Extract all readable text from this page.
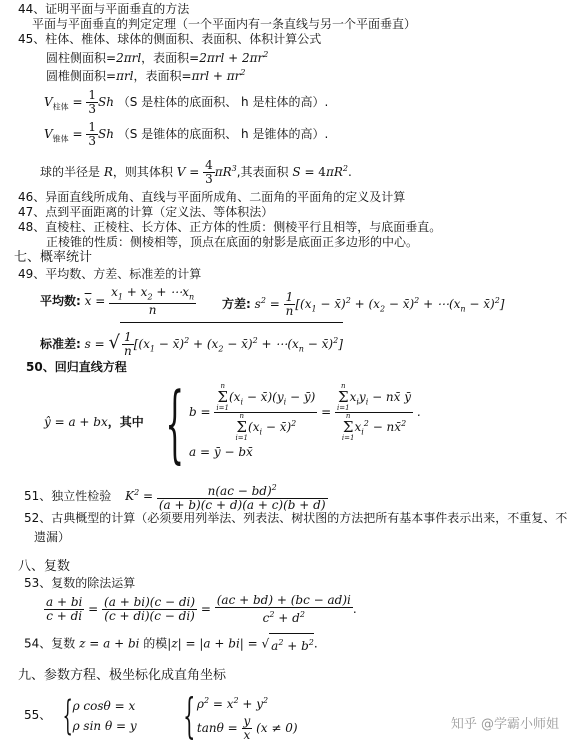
44、证明平面与平面垂直的方法
平面与平面垂直的判定定理（一个平面内有一条直线与另一个平面垂直）
45、柱体、椎体、球体的侧面积、表面积、体积计算公式
圆柱侧面积=2πrl，表面积$=2\pi rl + 2\pi r^2$
圆椎侧面积=πrl，表面积$=\pi rl + \pi r^2$
$V_{柱体} = \frac{1}{3}$ Sh （S 是柱体的底面积、 h 是柱体的高）.
$V_{锥体} = \frac{1}{3}$ Sh （S 是锥体的底面积、 h 是锥体的高）.
球的半径是 R，则其体积 $V = \frac{4}{3} \pi R^3$,其表面积 $S = 4\pi R^2$.
46、异面直线所成角、直线与平面所成角、二面角的平面角的定义及计算
47、点到平面距离的计算（定义法、等体积法）
48、直棱柱、正棱柱、长方体、正方体的性质：侧棱平行且相等，与底面垂直。
正棱锥的性质：侧棱相等，顶点在底面的射影是底面正多边形的中心。
七、概率统计
49、平均数、方差、标准差的计算
平均数: $\overline{x} = \frac{x_1 + x_2 + \cdots x_n}{n}$ 方差: $s^2 = \frac{1}{n} [(x_1$ − x̄)$^2$ + ($x_2$ − x̄)$^2$ + $\cdots(x_n$ − x̄)$^2$]
标准差: s = √ $\frac{1}{n} [(x_1$ − x̄)$^2$ + ($x_2$ − x̄)$^2$ + $\cdots(x_n$ − x̄)$^2$]
50、回归直线方程
ŷ = a + bx，其中 { b =
n
Σ
$i=1(x_i$ − $x̄)(y_i$ − ȳ)
n
Σ
$i=1(x_i$ − x̄)$^2$
=
n
Σ
$i=1x_iy_i$ − nx̄ ȳ
n
Σ
$i=1x_i^2$ − nx̄$^2$
.
a = ȳ − bx̄
51、独立性检验 $K^2 = \frac{n(ac - bd)^2}{(a + b)(c + d)(a + c)(b + d)}$
52、古典概型的计算（必须要用列举法、列表法、树状图的方法把所有基本事件表示出来，不重复、不
遗漏）
八、复数
53、复数的除法运算
$\frac{a + bi}{c + di} = \frac{(a + bi)(c - di)}{(c + di)(c - di)} = \frac{(ac + bd) + (bc - ad)i}{c^2 + d^2}$ .
54、复数 z = a + bi 的模|z| = |a + bi| = √ $a^2 + b^2$.
九、参数方程、极坐标化成直角坐标
55、 { ρ cosθ = x
ρ sin θ = y { $\rho^2 = x^2 + y^2$
$\tan\theta = \frac{y}{x} (x \ne 0)$	知乎 @学霸小师姐
